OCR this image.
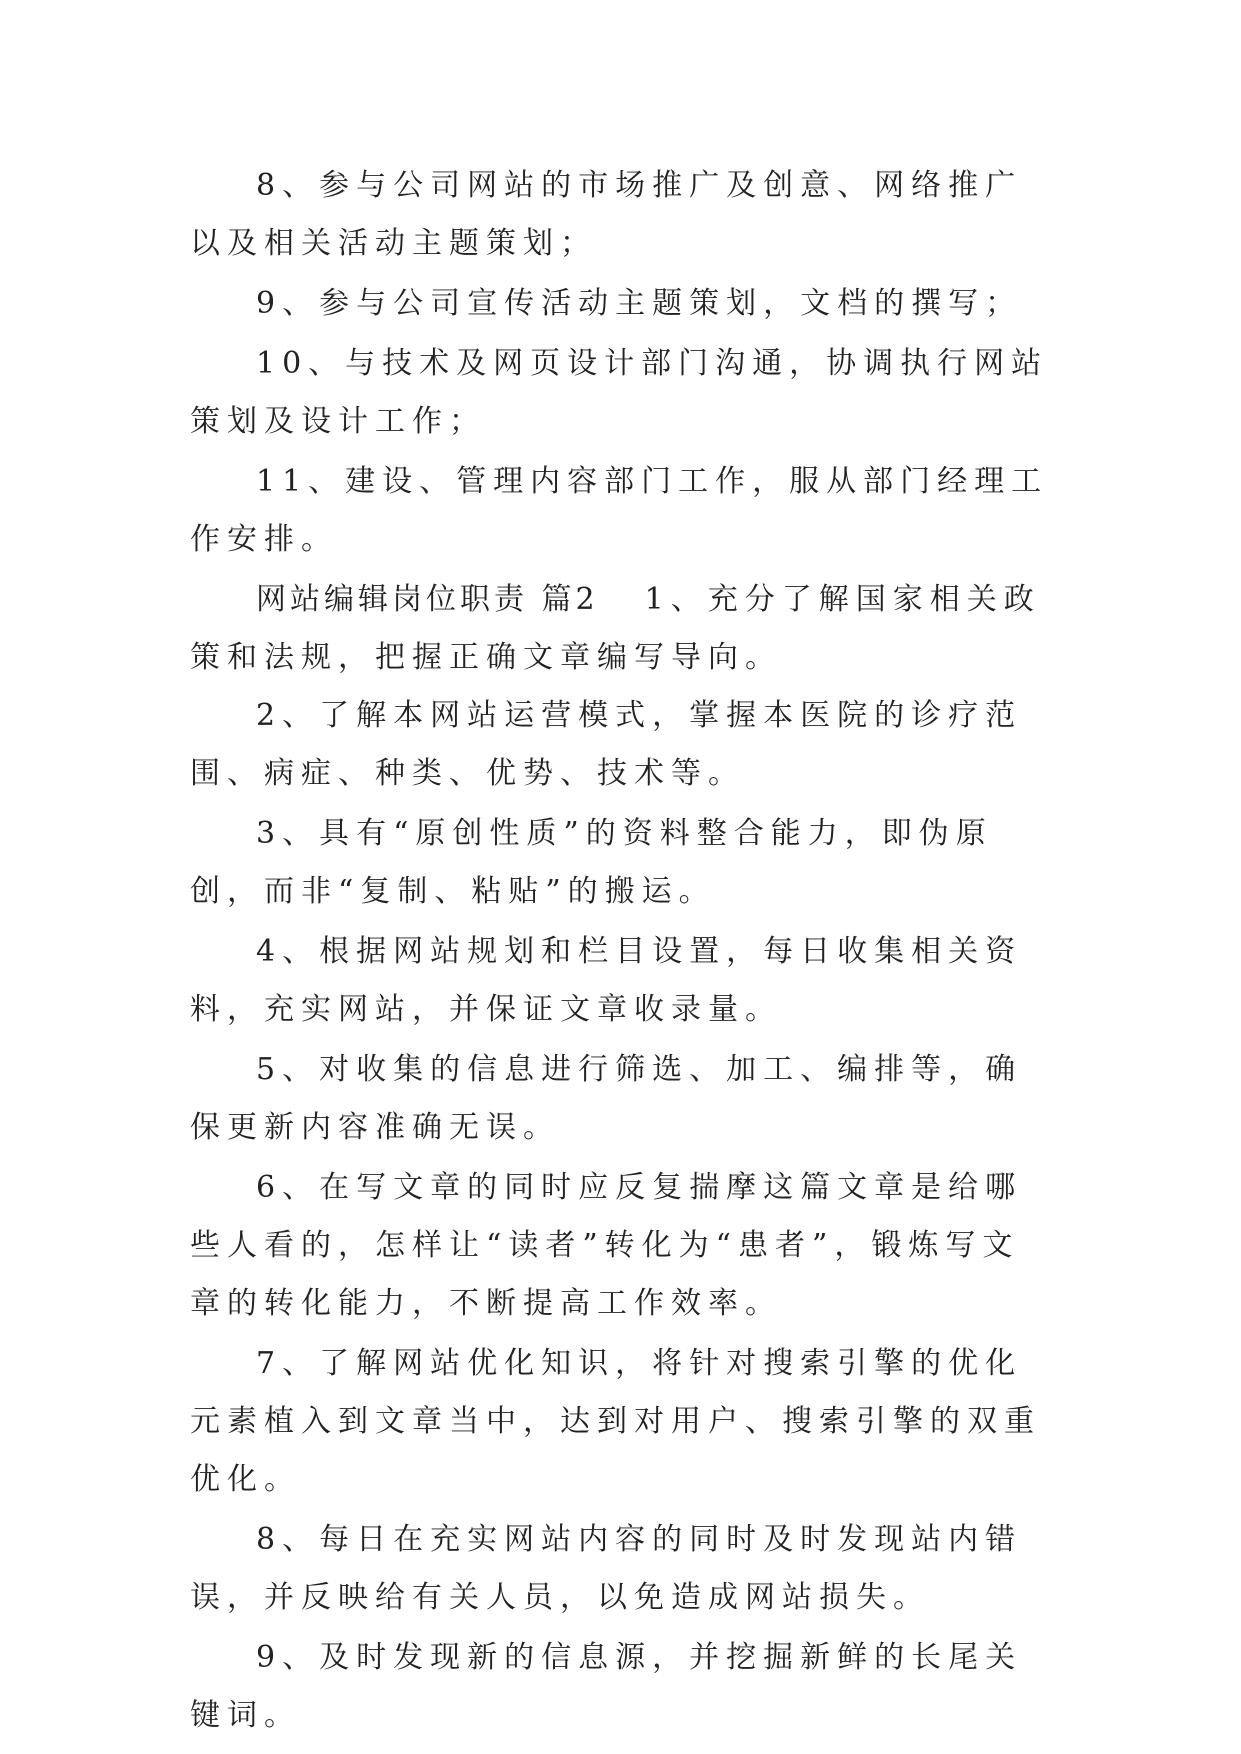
8、参与公司网站的市场推广及创意、网络推广以及相关活动主题策划；

9、参与公司宣传活动主题策划，文档的撰写；

10、与技术及网页设计部门沟通，协调执行网站策划及设计工作；

11、建设、管理内容部门工作，服从部门经理工作安排。

网站编辑岗位职责 篇2 1、充分了解国家相关政策和法规，把握正确文章编写导向。

2、了解本网站运营模式，掌握本医院的诊疗范围、病症、种类、优势、技术等。

3、具有“原创性质”的资料整合能力，即伪原创，而非“复制、粘贴”的搬运。

4、根据网站规划和栏目设置，每日收集相关资料，充实网站，并保证文章收录量。

5、对收集的信息进行筛选、加工、编排等，确保更新内容准确无误。

6、在写文章的同时应反复揣摩这篇文章是给哪些人看的，怎样让“读者”转化为“患者”，锻炼写文章的转化能力，不断提高工作效率。

7、了解网站优化知识，将针对搜索引擎的优化元素植入到文章当中，达到对用户、搜索引擎的双重优化。

8、每日在充实网站内容的同时及时发现站内错误，并反映给有关人员，以免造成网站损失。

9、及时发现新的信息源，并挖掘新鲜的长尾关键词。
